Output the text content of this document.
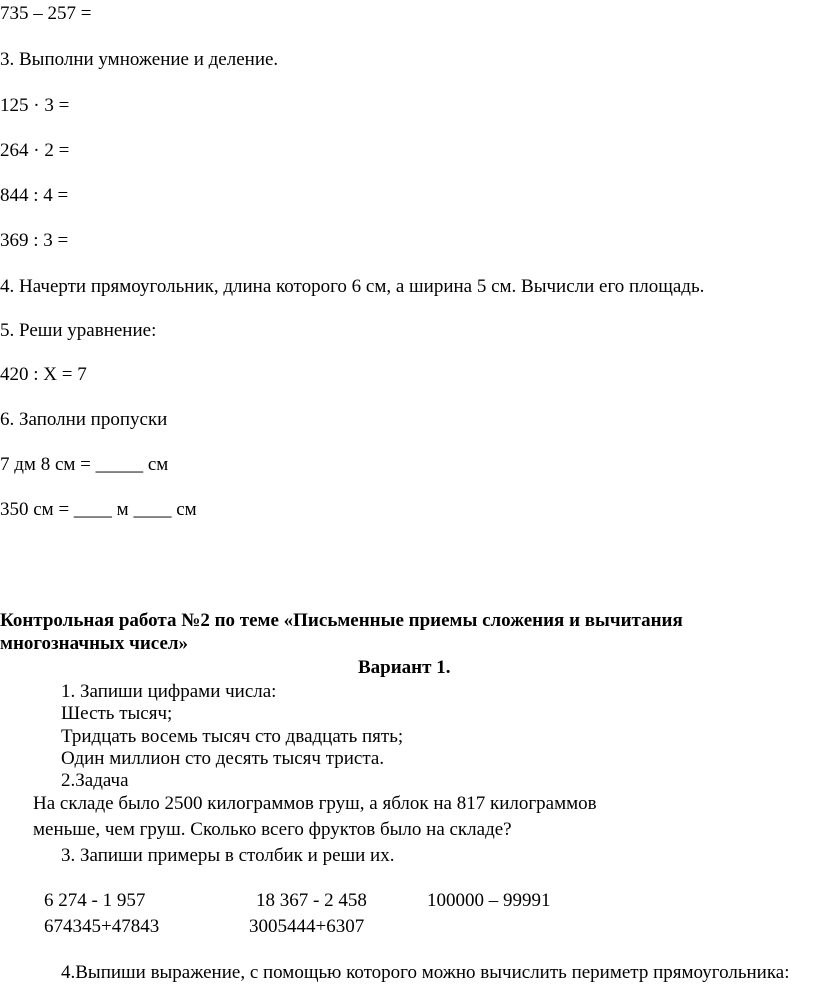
735 – 257 =
3. Выполни умножение и деление.
125 · 3 =
264 · 2 =
844 : 4 =
369 : 3 =
4. Начерти прямоугольник, длина которого 6 см, а ширина 5 см. Вычисли его площадь.
5. Реши уравнение:
420 : Х = 7
6. Заполни пропуски
7 дм 8 см = _____ см
350 см = ____ м ____ см
Контрольная работа №2 по теме «Письменные приемы сложения и вычитания
многозначных чисел»
Вариант 1.
1. Запиши цифрами числа:
Шесть тысяч;
Тридцать восемь тысяч сто двадцать пять;
Один миллион сто десять тысяч триста.
2.Задача
На складе было 2500 килограммов груш, а яблок на 817 килограммов
меньше, чем груш. Сколько всего фруктов было на складе?
3. Запиши примеры в столбик и реши их.
6 274 - 1 957	18 367 - 2 458	100000 – 99991
674345+47843	3005444+6307
4.Выпиши выражение, с помощью которого можно вычислить периметр прямоугольника:
